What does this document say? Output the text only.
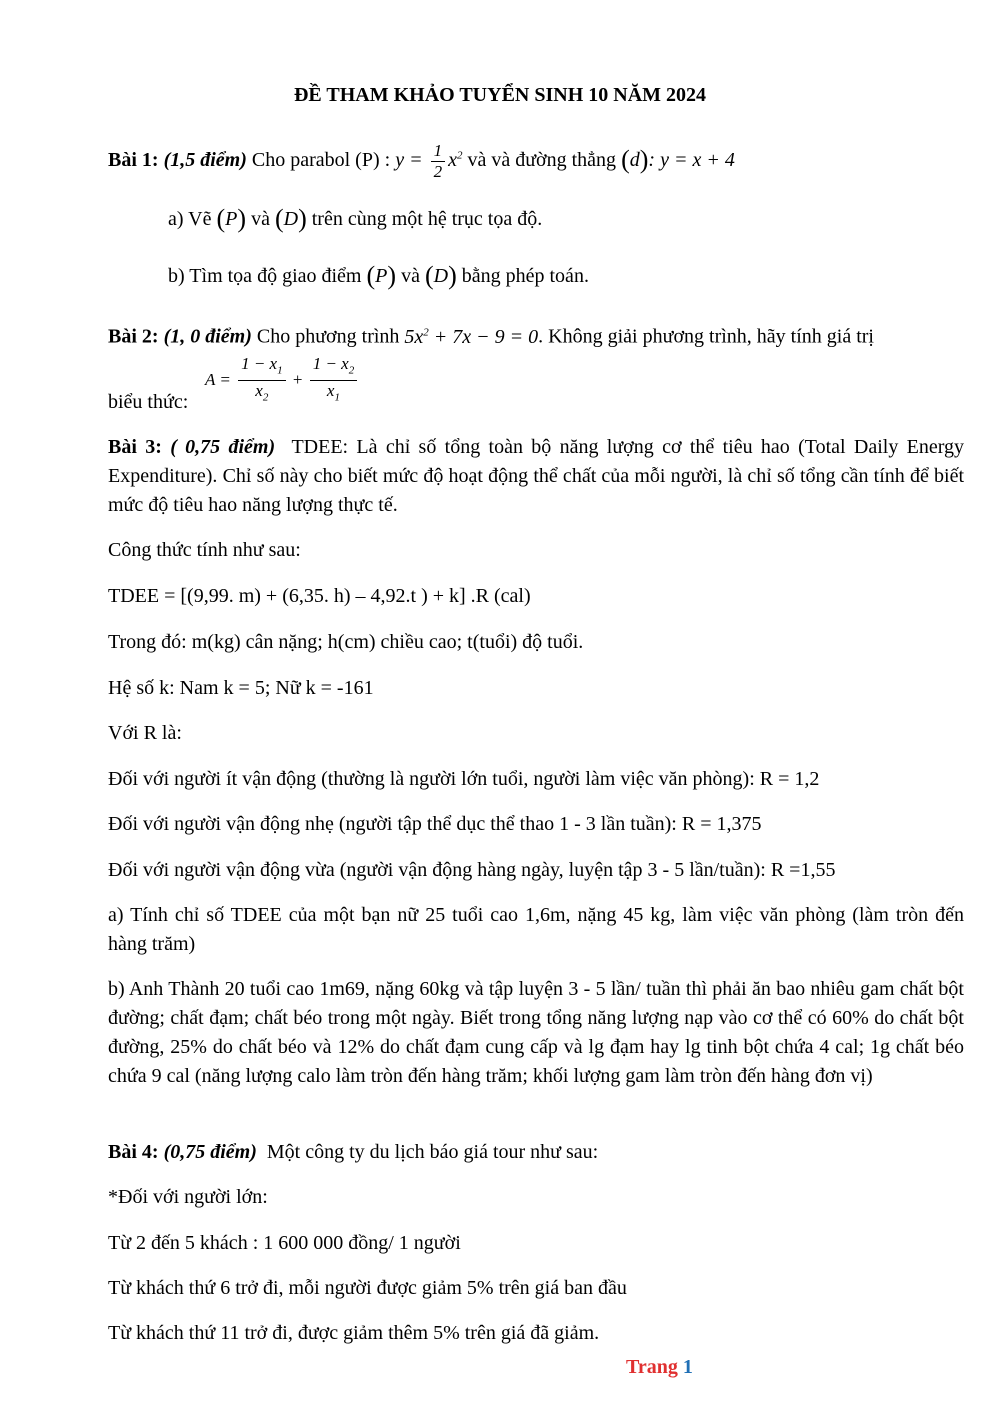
ĐỀ THAM KHẢO TUYỂN SINH 10 NĂM 2024
Bài 1: (1,5 điểm) Cho parabol (P) : $y = \frac{1}{2} x^2$ và và đường thẳng (d): y = x + 4
a) Vẽ (P) và (D) trên cùng một hệ trục tọa độ.
b) Tìm tọa độ giao điểm (P) và (D) bằng phép toán.
Bài 2: (1, 0 điểm) Cho phương trình $5x^2 + 7x - 9 = 0$. Không giải phương trình, hãy tính giá trị
$A = \frac{1 - x_1}{x_2} + \frac{1 - x_2}{x_1}$
biểu thức:
Bài 3: ( 0,75 điểm) TDEE: Là chỉ số tổng toàn bộ năng lượng cơ thể tiêu hao (Total Daily Energy Expenditure). Chỉ số này cho biết mức độ hoạt động thể chất của mỗi người, là chỉ số tổng cần tính để biết mức độ tiêu hao năng lượng thực tế.
Công thức tính như sau:
TDEE = [(9,99. m) + (6,35. h) – 4,92.t ) + k] .R (cal)
Trong đó: m(kg) cân nặng; h(cm) chiều cao; t(tuổi) độ tuổi.
Hệ số k: Nam k = 5; Nữ k = -161
Với R là:
Đối với người ít vận động (thường là người lớn tuổi, người làm việc văn phòng): R = 1,2
Đối với người vận động nhẹ (người tập thể dục thể thao 1 - 3 lần tuần): R = 1,375
Đối với người vận động vừa (người vận động hàng ngày, luyện tập 3 - 5 lần/tuần): R =1,55
a) Tính chỉ số TDEE của một bạn nữ 25 tuổi cao 1,6m, nặng 45 kg, làm việc văn phòng (làm tròn đến hàng trăm)
b) Anh Thành 20 tuổi cao 1m69, nặng 60kg và tập luyện 3 - 5 lần/ tuần thì phải ăn bao nhiêu gam chất bột đường; chất đạm; chất béo trong một ngày. Biết trong tổng năng lượng nạp vào cơ thể có 60% do chất bột đường, 25% do chất béo và 12% do chất đạm cung cấp và lg đạm hay lg tinh bột chứa 4 cal; 1g chất béo chứa 9 cal (năng lượng calo làm tròn đến hàng trăm; khối lượng gam làm tròn đến hàng đơn vị)
Bài 4: (0,75 điểm) Một công ty du lịch báo giá tour như sau:
*Đối với người lớn:
Từ 2 đến 5 khách : 1 600 000 đồng/ 1 người
Từ khách thứ 6 trở đi, mỗi người được giảm 5% trên giá ban đầu
Từ khách thứ 11 trở đi, được giảm thêm 5% trên giá đã giảm.
Trang 1
